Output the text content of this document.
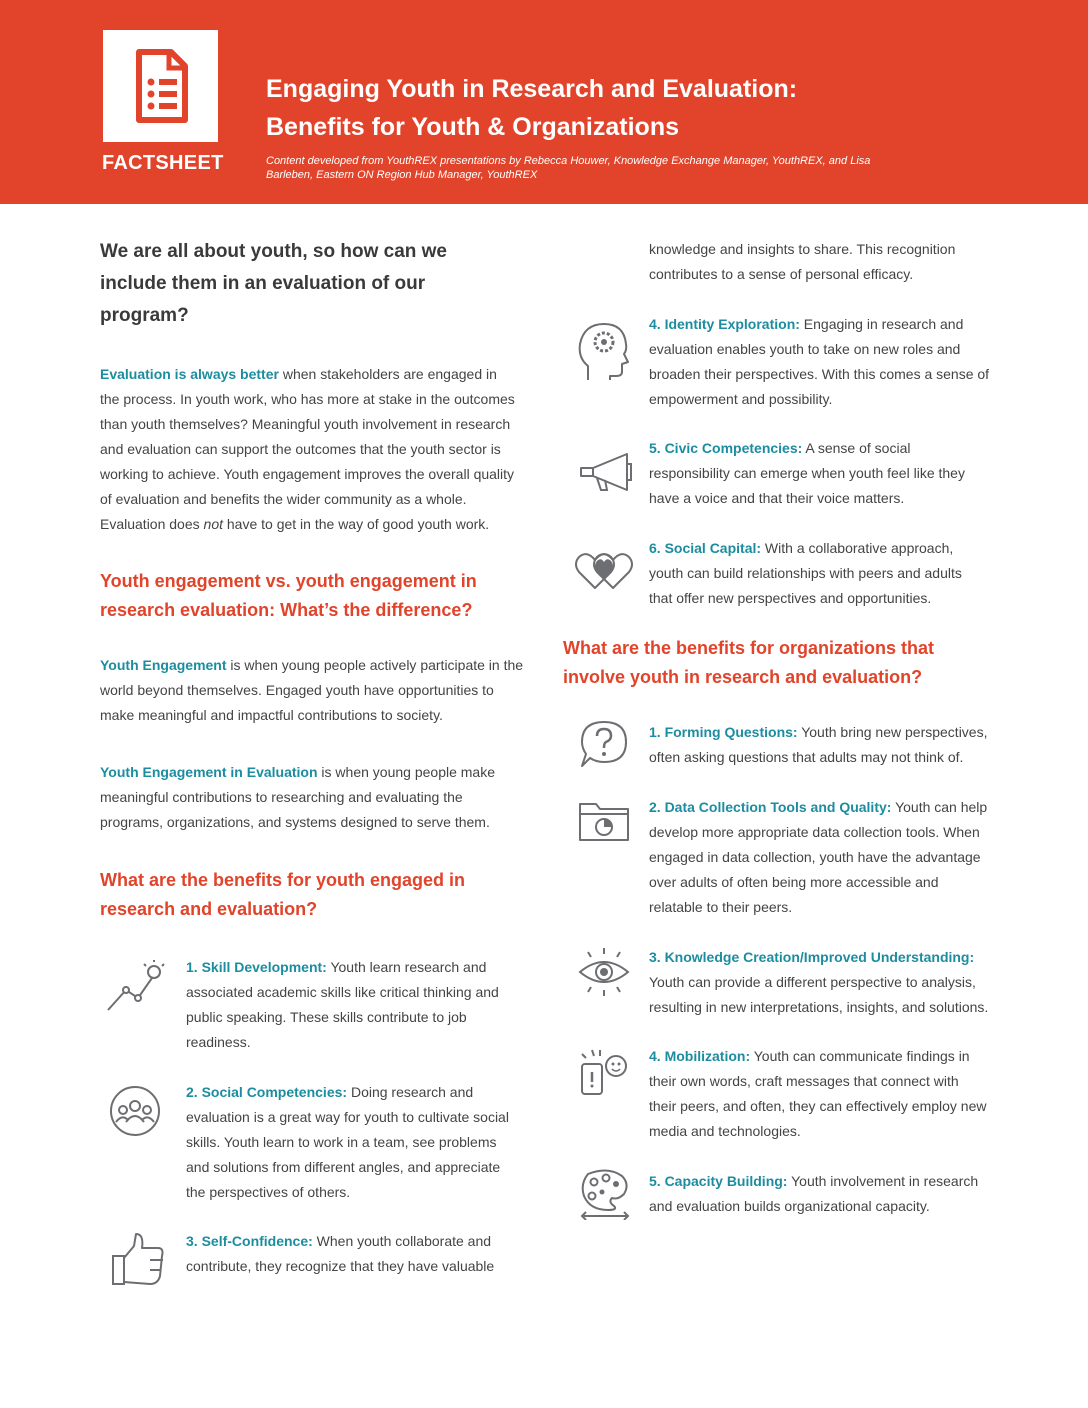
FACTSHEET
Engaging Youth in Research and Evaluation:
Benefits for Youth & Organizations
Content developed from YouthREX presentations by Rebecca Houwer, Knowledge Exchange Manager, YouthREX, and Lisa Barleben, Eastern ON Region Hub Manager, YouthREX
We are all about youth, so how can we include them in an evaluation of our program?

Evaluation is always better when stakeholders are engaged in the process. In youth work, who has more at stake in the outcomes than youth themselves? Meaningful youth involvement in research and evaluation can support the outcomes that the youth sector is working to achieve. Youth engagement improves the overall quality of evaluation and benefits the wider community as a whole. Evaluation does not have to get in the way of good youth work.

Youth engagement vs. youth engagement in research evaluation: What’s the difference?

Youth Engagement is when young people actively participate in the world beyond themselves. Engaged youth have opportunities to make meaningful and impactful contributions to society.

Youth Engagement in Evaluation is when young people make meaningful contributions to researching and evaluating the programs, organizations, and systems designed to serve them.

What are the benefits for youth engaged in research and evaluation?

1. Skill Development: Youth learn research and associated academic skills like critical thinking and public speaking. These skills contribute to job readiness.

2. Social Competencies: Doing research and evaluation is a great way for youth to cultivate social skills. Youth learn to work in a team, see problems and solutions from different angles, and appreciate the perspectives of others.

3. Self-Confidence: When youth collaborate and contribute, they recognize that they have valuable

knowledge and insights to share. This recognition contributes to a sense of personal efficacy.

4. Identity Exploration: Engaging in research and evaluation enables youth to take on new roles and broaden their perspectives. With this comes a sense of empowerment and possibility.

5. Civic Competencies: A sense of social responsibility can emerge when youth feel like they have a voice and that their voice matters.

6. Social Capital: With a collaborative approach, youth can build relationships with peers and adults that offer new perspectives and opportunities.

What are the benefits for organizations that involve youth in research and evaluation?

1. Forming Questions: Youth bring new perspectives, often asking questions that adults may not think of.

2. Data Collection Tools and Quality: Youth can help develop more appropriate data collection tools. When engaged in data collection, youth have the advantage over adults of often being more accessible and relatable to their peers.

3. Knowledge Creation/Improved Understanding: Youth can provide a different perspective to analysis, resulting in new interpretations, insights, and solutions.

4. Mobilization: Youth can communicate findings in their own words, craft messages that connect with their peers, and often, they can effectively employ new media and technologies.

5. Capacity Building: Youth involvement in research and evaluation builds organizational capacity.
